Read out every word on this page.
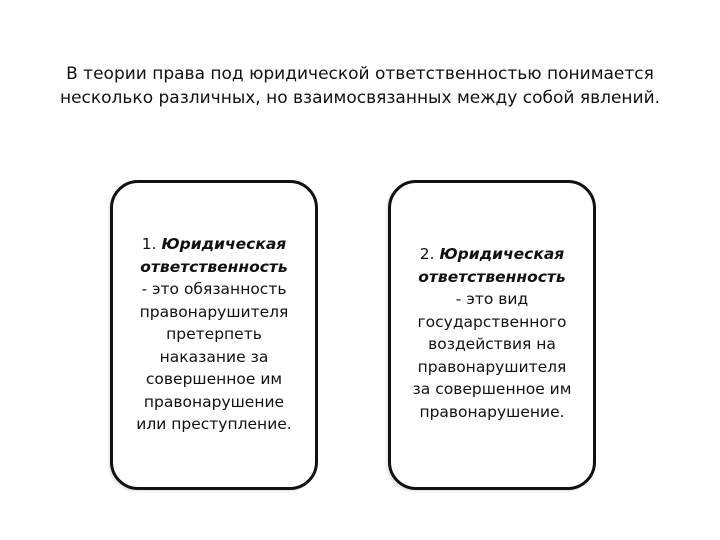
В теории права под юридической ответственностью понимается
несколько различных, но взаимосвязанных между собой явлений.
1. Юридическая
ответственность
- это обязанность
правонарушителя
претерпеть
наказание за
совершенное им
правонарушение
или преступление.
2. Юридическая
ответственность
- это вид
государственного
воздействия на
правонарушителя
за совершенное им
правонарушение.
